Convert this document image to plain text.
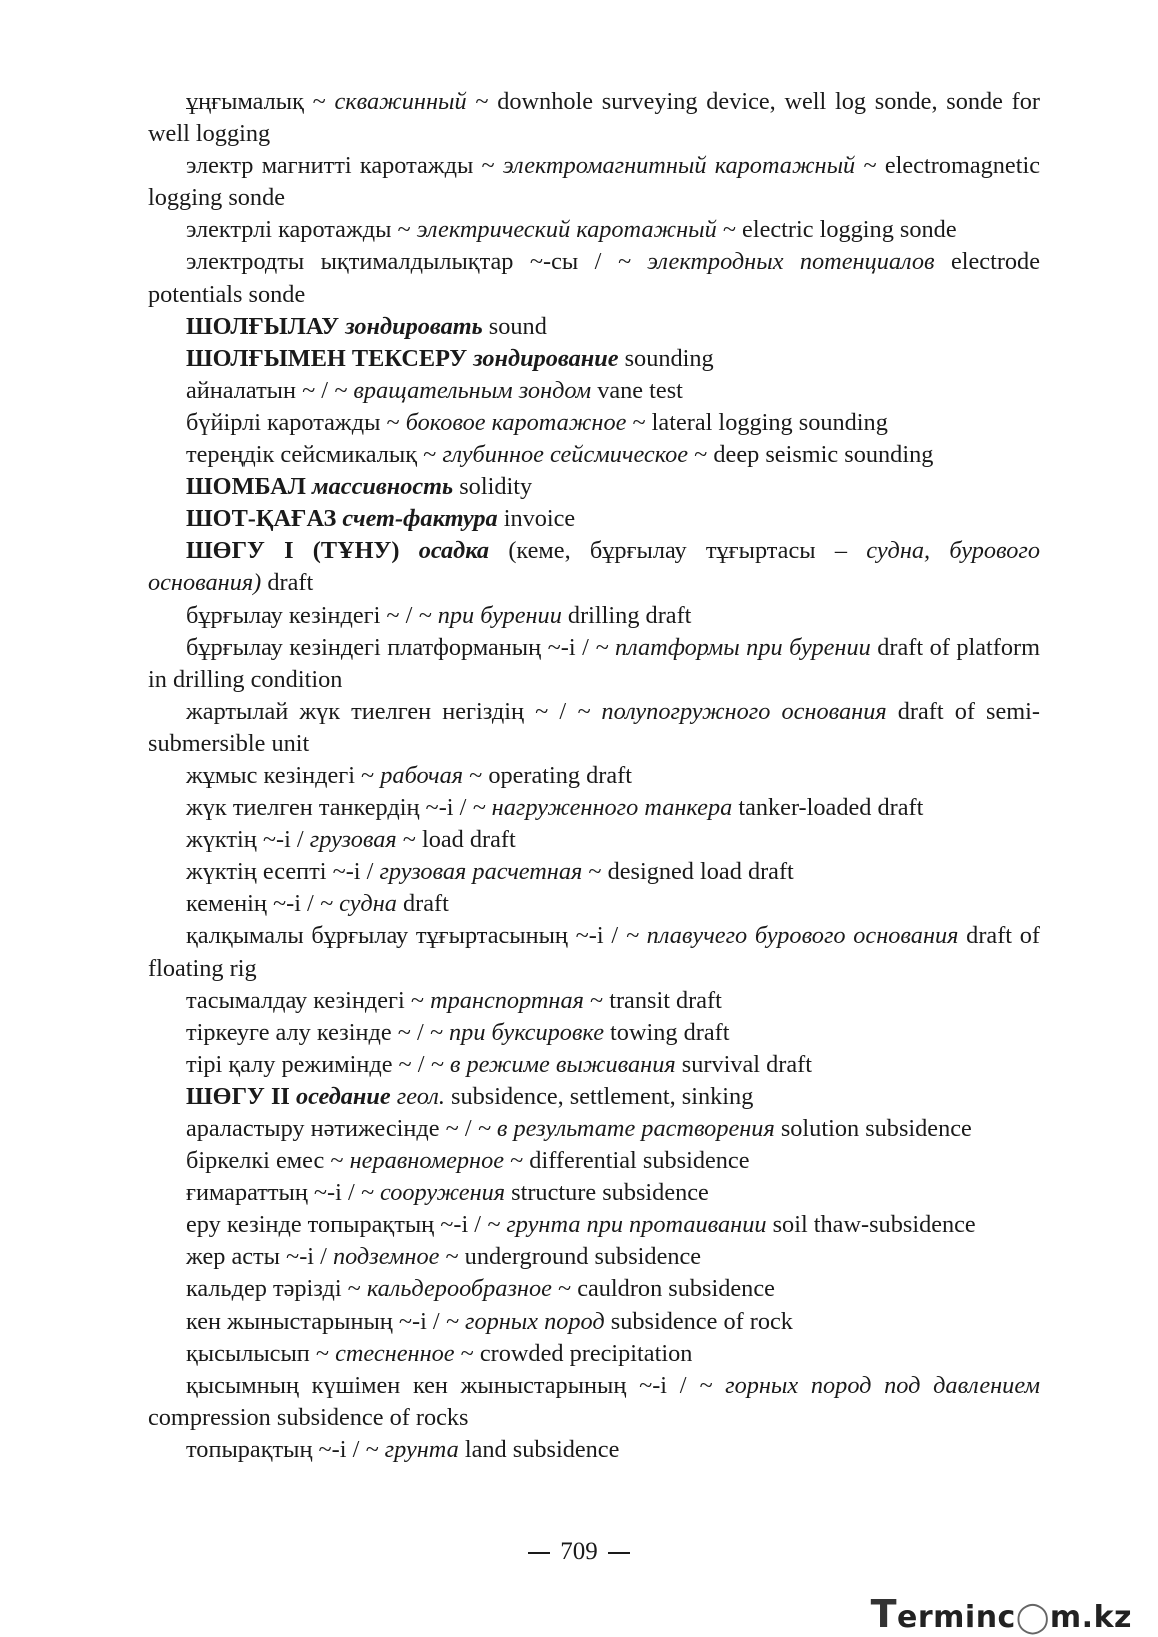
ұңғымалық ~ скважинный ~ downhole surveying device, well log sonde, sonde for well logging

электр магнитті каротажды ~ электромагнитный каротажный ~ electromagnetic logging sonde

электрлі каротажды ~ электрический каротажный ~ electric logging sonde

электродты ықтималдылықтар ~-сы / ~ электродных потенциалов electrode potentials sonde

ШОЛҒЫЛАУ зондировать sound

ШОЛҒЫМЕН ТЕКСЕРУ зондирование sounding

айналатын ~ / ~ вращательным зондом vane test

бүйірлі каротажды ~ боковое каротажное ~ lateral logging sounding

тереңдік сейсмикалық ~ глубинное сейсмическое ~ deep seismic sounding

ШОМБАЛ массивность solidity

ШОТ-ҚАҒАЗ счет-фактура invoice

ШӨГУ I (ТҰНУ) осадка (кеме, бұрғылау тұғыртасы – судна, бурового основания) draft

бұрғылау кезіндегі ~ / ~ при бурении drilling draft

бұрғылау кезіндегі платформаның ~-і / ~ платформы при бурении draft of platform in drilling condition

жартылай жүк тиелген негіздің ~ / ~ полупогружного основания draft of semi-submersible unit

жұмыс кезіндегі ~ рабочая ~ operating draft

жүк тиелген танкердің ~-і / ~ нагруженного танкера tanker-loaded draft

жүктің ~-і / грузовая ~ load draft

жүктің есепті ~-і / грузовая расчетная ~ designed load draft

кеменің ~-і / ~ судна draft

қалқымалы бұрғылау тұғыртасының ~-і / ~ плавучего бурового основания draft of floating rig

тасымалдау кезіндегі ~ транспортная ~ transit draft

тіркеуге алу кезінде ~ / ~ при буксировке towing draft

тірі қалу режимінде ~ / ~ в режиме выживания survival draft

ШӨГУ II оседание геол. subsidence, settlement, sinking

араластыру нәтижесінде ~ / ~ в результате растворения solution subsidence

біркелкі емес ~ неравномерное ~ differential subsidence

ғимараттың ~-і / ~ сооружения structure subsidence

еру кезінде топырақтың ~-і / ~ грунта при протаивании soil thaw-subsidence

жер асты ~-і / подземное ~ underground subsidence

кальдер тәрізді ~ кальдерообразное ~ cauldron subsidence

кен жыныстарының ~-і / ~ горных пород subsidence of rock

қысылысып ~ стесненное ~ crowded precipitation

қысымның күшімен кен жыныстарының ~-і / ~ горных пород под давлением compression subsidence of rocks

топырақтың ~-і / ~ грунта land subsidence

709
Terminc◯m.kz
